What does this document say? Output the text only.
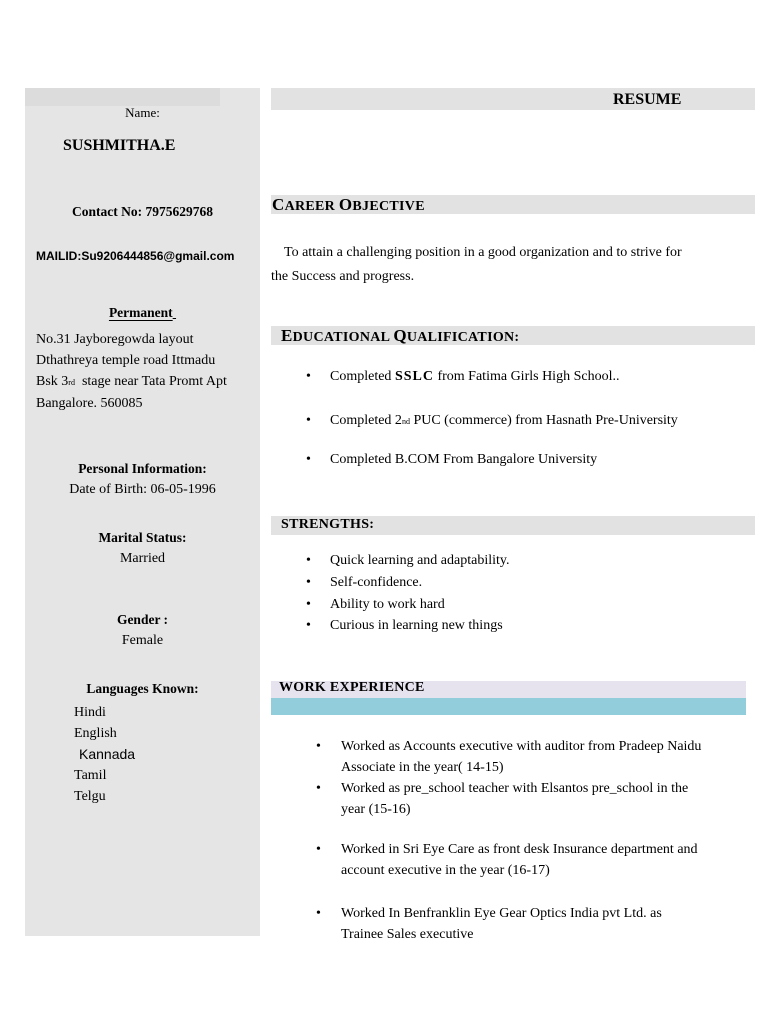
Name:
SUSHMITHA.E
Contact No: 7975629768
MAILID:Su9206444856@gmail.com
Permanent
No.31 Jayboregowda layout
Dthathreya temple road Ittmadu
Bsk 3rd stage near Tata Promt Apt
Bangalore. 560085
Personal Information:
Date of Birth: 06-05-1996
Marital Status:
Married
Gender :
Female
Languages Known:
Hindi
English
Kannada
Tamil
Telgu
RESUME
CAREER OBJECTIVE
To attain a challenging position in a good organization and to strive for
the Success and progress.
EDUCATIONAL QUALIFICATION:
• Completed SSLC from Fatima Girls High School..
• Completed 2nd PUC (commerce) from Hasnath Pre-University
• Completed B.COM From Bangalore University
STRENGTHS:
• Quick learning and adaptability.
• Self-confidence.
• Ability to work hard
• Curious in learning new things
WORK EXPERIENCE
• Worked as Accounts executive with auditor from Pradeep Naidu
Associate in the year( 14-15)
• Worked as pre_school teacher with Elsantos pre_school in the
year (15-16)
• Worked in Sri Eye Care as front desk Insurance department and
account executive in the year (16-17)
• Worked In Benfranklin Eye Gear Optics India pvt Ltd. as
Trainee Sales executive
